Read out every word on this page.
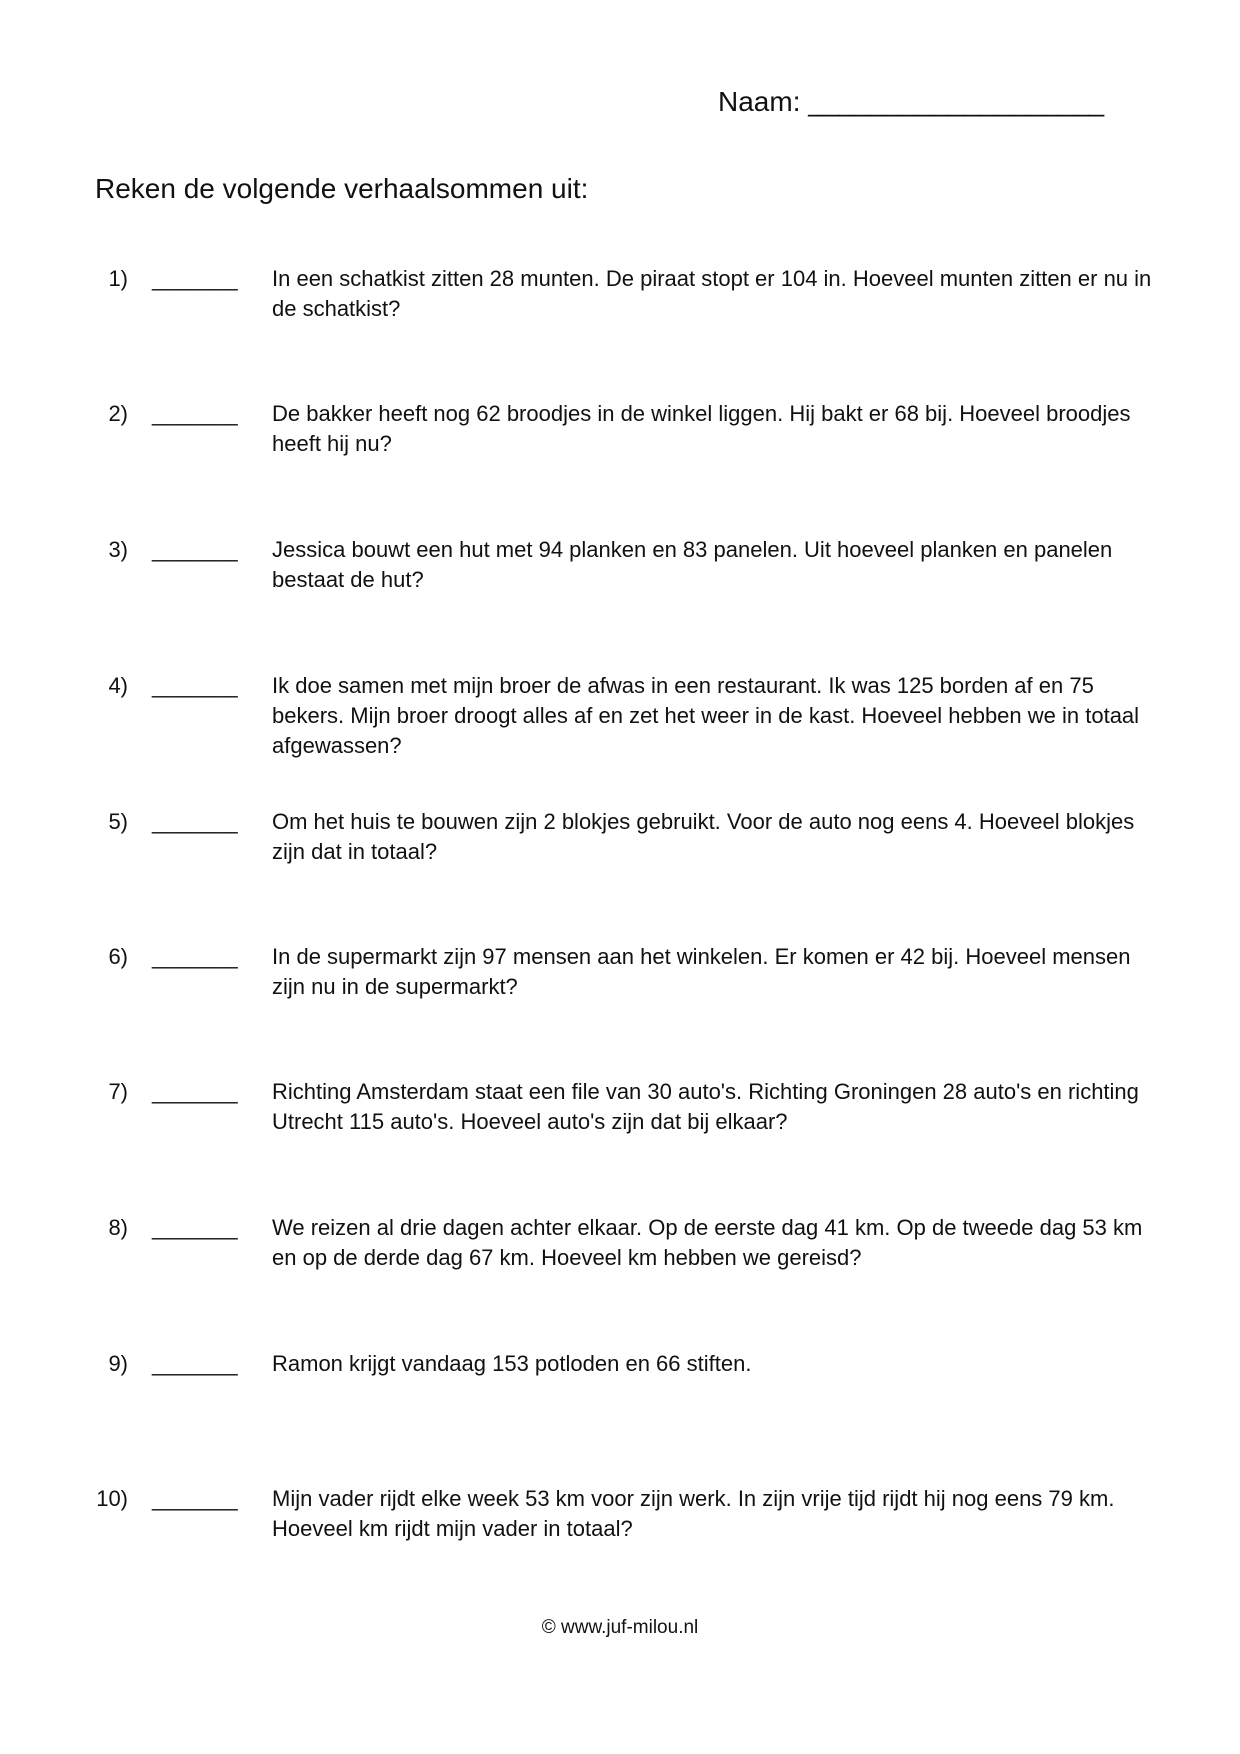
Naam: ___________________
Reken de volgende verhaalsommen uit:
1) _______ In een schatkist zitten 28 munten. De piraat stopt er 104 in. Hoeveel munten zitten er nu in de schatkist?
2) _______ De bakker heeft nog 62 broodjes in de winkel liggen. Hij bakt er 68 bij. Hoeveel broodjes heeft hij nu?
3) _______ Jessica bouwt een hut met 94 planken en 83 panelen. Uit hoeveel planken en panelen bestaat de hut?
4) _______ Ik doe samen met mijn broer de afwas in een restaurant. Ik was 125 borden af en 75 bekers. Mijn broer droogt alles af en zet het weer in de kast. Hoeveel hebben we in totaal afgewassen?
5) _______ Om het huis te bouwen zijn 2 blokjes gebruikt. Voor de auto nog eens 4. Hoeveel blokjes zijn dat in totaal?
6) _______ In de supermarkt zijn 97 mensen aan het winkelen. Er komen er 42 bij. Hoeveel mensen zijn nu in de supermarkt?
7) _______ Richting Amsterdam staat een file van 30 auto's. Richting Groningen 28 auto's en richting Utrecht 115 auto's. Hoeveel auto's zijn dat bij elkaar?
8) _______ We reizen al drie dagen achter elkaar. Op de eerste dag 41 km. Op de tweede dag 53 km en op de derde dag 67 km. Hoeveel km hebben we gereisd?
9) _______ Ramon krijgt vandaag 153 potloden en 66 stiften.
10) _______ Mijn vader rijdt elke week 53 km voor zijn werk. In zijn vrije tijd rijdt hij nog eens 79 km. Hoeveel km rijdt mijn vader in totaal?
© www.juf-milou.nl
